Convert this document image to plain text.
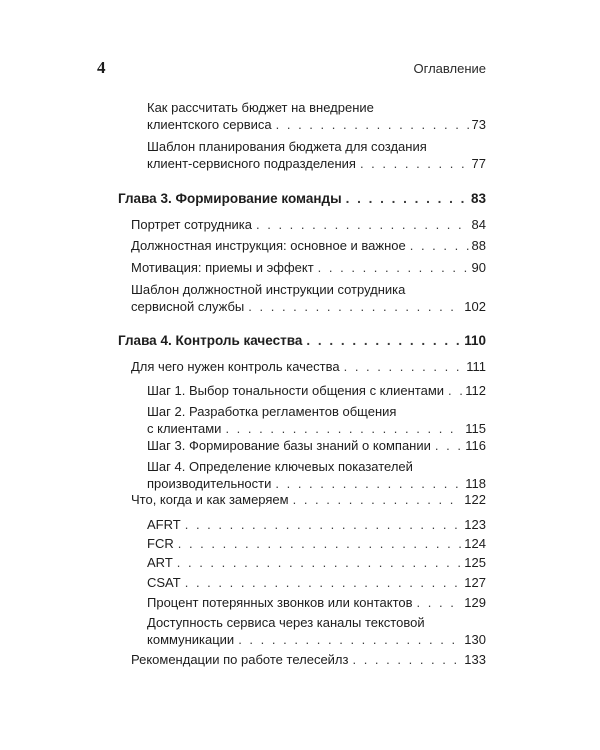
4	Оглавление
Как рассчитать бюджет на внедрение
клиентского сервиса . . .	73
Шаблон планирования бюджета для создания
клиент-сервисного подразделения . . .	77
Глава 3. Формирование команды . . .	83
Портрет сотрудника . . .	84
Должностная инструкция: основное и важное . . .	88
Мотивация: приемы и эффект . . .	90
Шаблон должностной инструкции сотрудника
сервисной службы . . .	102
Глава 4. Контроль качества . . .	110
Для чего нужен контроль качества . . .	111
Шаг 1. Выбор тональности общения с клиентами . . . 112
Шаг 2. Разработка регламентов общения
с клиентами . . .	115
Шаг 3. Формирование базы знаний о компании . . .	116
Шаг 4. Определение ключевых показателей
производительности . . .	118
Что, когда и как замеряем . . .	122
AFRT . . .	123
FCR . . .	124
ART . . .	125
CSAT . . .	127
Процент потерянных звонков или контактов . . .	129
Доступность сервиса через каналы текстовой
коммуникации . . .	130
Рекомендации по работе телесейлз . . .	133
